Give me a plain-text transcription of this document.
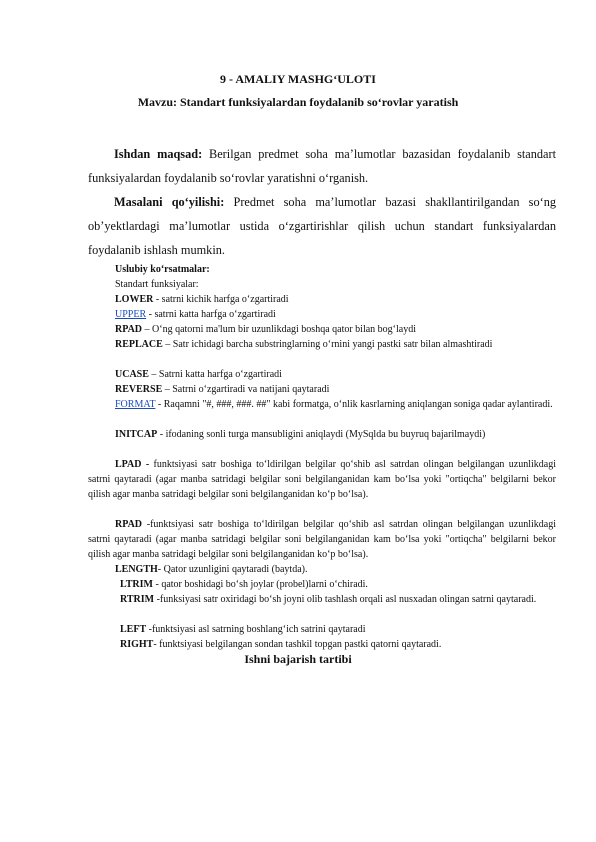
9 - AMALIY MASHG‘ULOTI

Mavzu: Standart funksiyalardan foydalanib so‘rovlar yaratish

Ishdan maqsad: Berilgan predmet soha ma’lumotlar bazasidan foydalanib standart funksiyalardan foydalanib so‘rovlar yaratishni o‘rganish.

Masalani qo‘yilishi: Predmet soha ma’lumotlar bazasi shakllantirilgandan so‘ng ob’yektlardagi ma’lumotlar ustida o‘zgartirishlar qilish uchun standart funksiyalardan foydalanib ishlash mumkin.

Uslubiy ko‘rsatmalar:

Standart funksiyalar:

LOWER - satrni kichik harfga o‘zgartiradi

UPPER - satrni katta harfga o‘zgartiradi

RPAD – O‘ng qatorni ma'lum bir uzunlikdagi boshqa qator bilan bog‘laydi

REPLACE – Satr ichidagi barcha substringlarning o‘rnini yangi pastki satr bilan almashtiradi

UCASE – Satrni katta harfga o‘zgartiradi

REVERSE – Satrni o‘zgartiradi va natijani qaytaradi

FORMAT - Raqamni "#, ###, ###. ##" kabi formatga, o‘nlik kasrlarning aniqlangan soniga qadar aylantiradi.

INITCAP - ifodaning sonli turga mansubligini aniqlaydi (MySqlda bu buyruq bajarilmaydi)

LPAD - funktsiyasi satr boshiga to‘ldirilgan belgilar qo‘shib asl satrdan olingan belgilangan uzunlikdagi satrni qaytaradi (agar manba satridagi belgilar soni belgilanganidan kam bo‘lsa yoki "ortiqcha" belgilarni bekor qilish agar manba satridagi belgilar soni belgilanganidan ko‘p bo‘lsa).

RPAD -funktsiyasi satr boshiga to‘ldirilgan belgilar qo‘shib asl satrdan olingan belgilangan uzunlikdagi satrni qaytaradi (agar manba satridagi belgilar soni belgilanganidan kam bo‘lsa yoki "ortiqcha" belgilarni bekor qilish agar manba satridagi belgilar soni belgilanganidan ko‘p bo‘lsa).

LENGTH- Qator uzunligini qaytaradi (baytda).

LTRIM - qator boshidagi bo‘sh joylar (probel)larni o‘chiradi.

RTRIM -funksiyasi satr oxiridagi bo‘sh joyni olib tashlash orqali asl nusxadan olingan satrni qaytaradi.

LEFT -funktsiyasi asl satrning boshlang‘ich satrini qaytaradi

RIGHT- funktsiyasi belgilangan sondan tashkil topgan pastki qatorni qaytaradi.

Ishni bajarish tartibi
